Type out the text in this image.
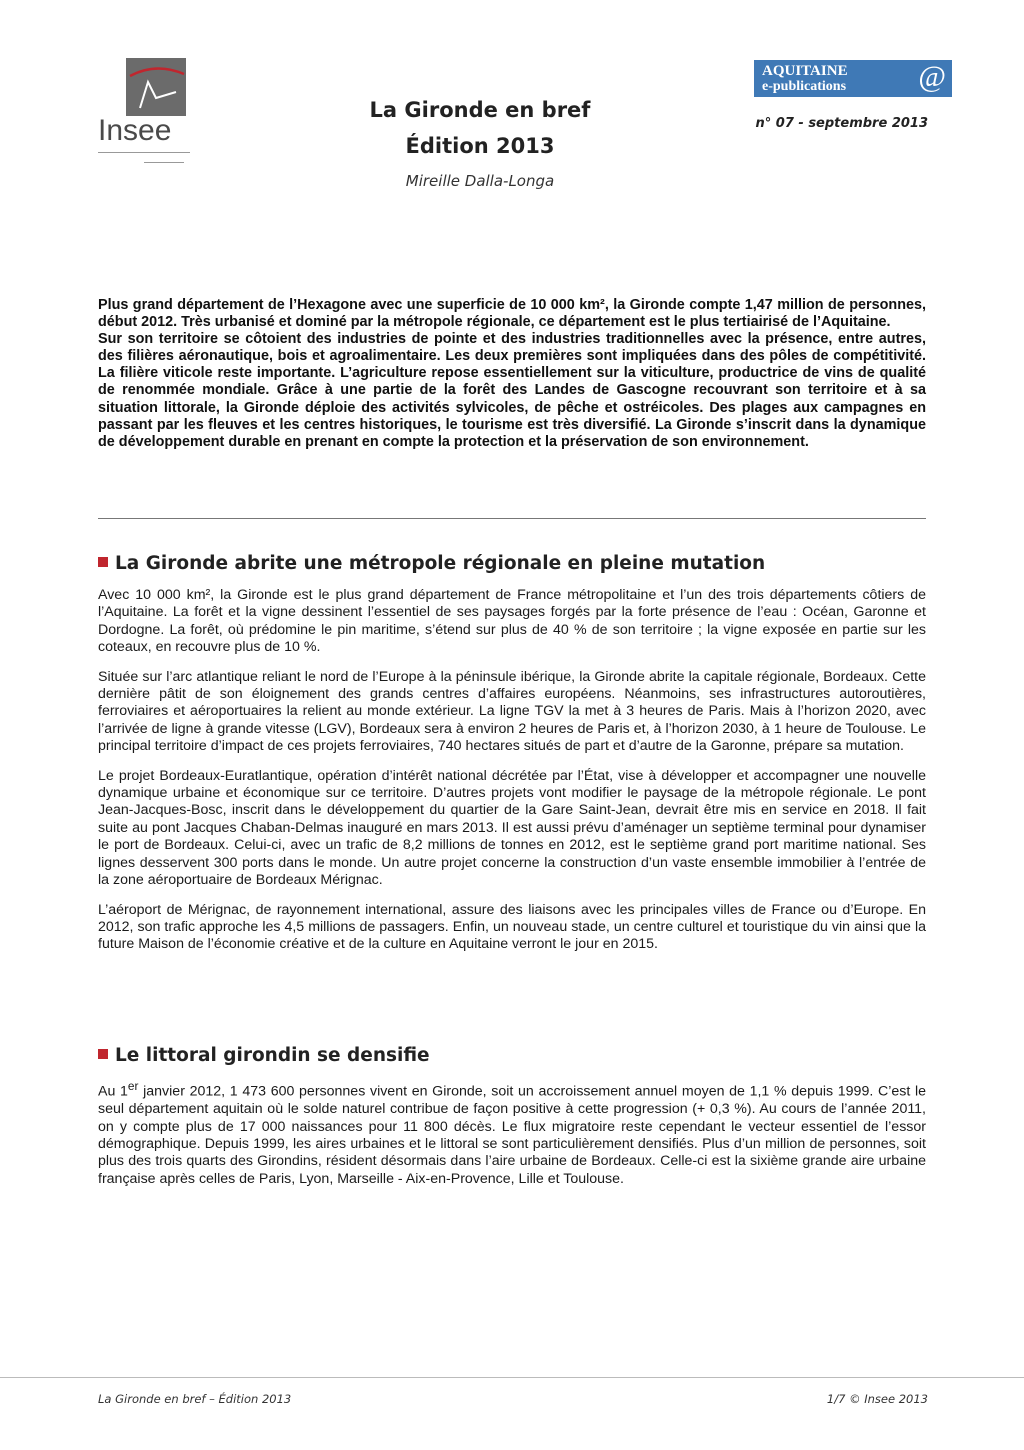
Insee
La Gironde en bref
Édition 2013
Mireille Dalla-Longa
AQUITAINE
e-publications @
n° 07 - septembre 2013

Plus grand département de l’Hexagone avec une superficie de 10 000 km², la Gironde compte 1,47 million de personnes, début 2012. Très urbanisé et dominé par la métropole régionale, ce département est le plus tertiairisé de l’Aquitaine.

Sur son territoire se côtoient des industries de pointe et des industries traditionnelles avec la présence, entre autres, des filières aéronautique, bois et agroalimentaire. Les deux premières sont impliquées dans des pôles de compétitivité. La filière viticole reste importante. L’agriculture repose essentiellement sur la viticulture, productrice de vins de qualité de renommée mondiale. Grâce à une partie de la forêt des Landes de Gascogne recouvrant son territoire et à sa situation littorale, la Gironde déploie des activités sylvicoles, de pêche et ostréicoles. Des plages aux campagnes en passant par les fleuves et les centres historiques, le tourisme est très diversifié. La Gironde s’inscrit dans la dynamique de développement durable en prenant en compte la protection et la préservation de son environnement.

La Gironde abrite une métropole régionale en pleine mutation

Avec 10 000 km², la Gironde est le plus grand département de France métropolitaine et l’un des trois départements côtiers de l’Aquitaine. La forêt et la vigne dessinent l’essentiel de ses paysages forgés par la forte présence de l’eau : Océan, Garonne et Dordogne. La forêt, où prédomine le pin maritime, s’étend sur plus de 40 % de son territoire ; la vigne exposée en partie sur les coteaux, en recouvre plus de 10 %.

Située sur l’arc atlantique reliant le nord de l’Europe à la péninsule ibérique, la Gironde abrite la capitale régionale, Bordeaux. Cette dernière pâtit de son éloignement des grands centres d’affaires européens. Néanmoins, ses infrastructures autoroutières, ferroviaires et aéroportuaires la relient au monde extérieur. La ligne TGV la met à 3 heures de Paris. Mais à l’horizon 2020, avec l’arrivée de ligne à grande vitesse (LGV), Bordeaux sera à environ 2 heures de Paris et, à l’horizon 2030, à 1 heure de Toulouse. Le principal territoire d’impact de ces projets ferroviaires, 740 hectares situés de part et d’autre de la Garonne, prépare sa mutation.

Le projet Bordeaux-Euratlantique, opération d’intérêt national décrétée par l’État, vise à développer et accompagner une nouvelle dynamique urbaine et économique sur ce territoire. D’autres projets vont modifier le paysage de la métropole régionale. Le pont Jean-Jacques-Bosc, inscrit dans le développement du quartier de la Gare Saint-Jean, devrait être mis en service en 2018. Il fait suite au pont Jacques Chaban-Delmas inauguré en mars 2013. Il est aussi prévu d’aménager un septième terminal pour dynamiser le port de Bordeaux. Celui-ci, avec un trafic de 8,2 millions de tonnes en 2012, est le septième grand port maritime national. Ses lignes desservent 300 ports dans le monde. Un autre projet concerne la construction d’un vaste ensemble immobilier à l’entrée de la zone aéroportuaire de Bordeaux Mérignac.

L’aéroport de Mérignac, de rayonnement international, assure des liaisons avec les principales villes de France ou d’Europe. En 2012, son trafic approche les 4,5 millions de passagers. Enfin, un nouveau stade, un centre culturel et touristique du vin ainsi que la future Maison de l’économie créative et de la culture en Aquitaine verront le jour en 2015.

Le littoral girondin se densifie

Au 1er janvier 2012, 1 473 600 personnes vivent en Gironde, soit un accroissement annuel moyen de 1,1 % depuis 1999. C’est le seul département aquitain où le solde naturel contribue de façon positive à cette progression (+ 0,3 %). Au cours de l’année 2011, on y compte plus de 17 000 naissances pour 11 800 décès. Le flux migratoire reste cependant le vecteur essentiel de l’essor démographique. Depuis 1999, les aires urbaines et le littoral se sont particulièrement densifiés. Plus d’un million de personnes, soit plus des trois quarts des Girondins, résident désormais dans l’aire urbaine de Bordeaux. Celle-ci est la sixième grande aire urbaine française après celles de Paris, Lyon, Marseille - Aix-en-Provence, Lille et Toulouse.

La Gironde en bref – Édition 2013	1/7 © Insee 2013
